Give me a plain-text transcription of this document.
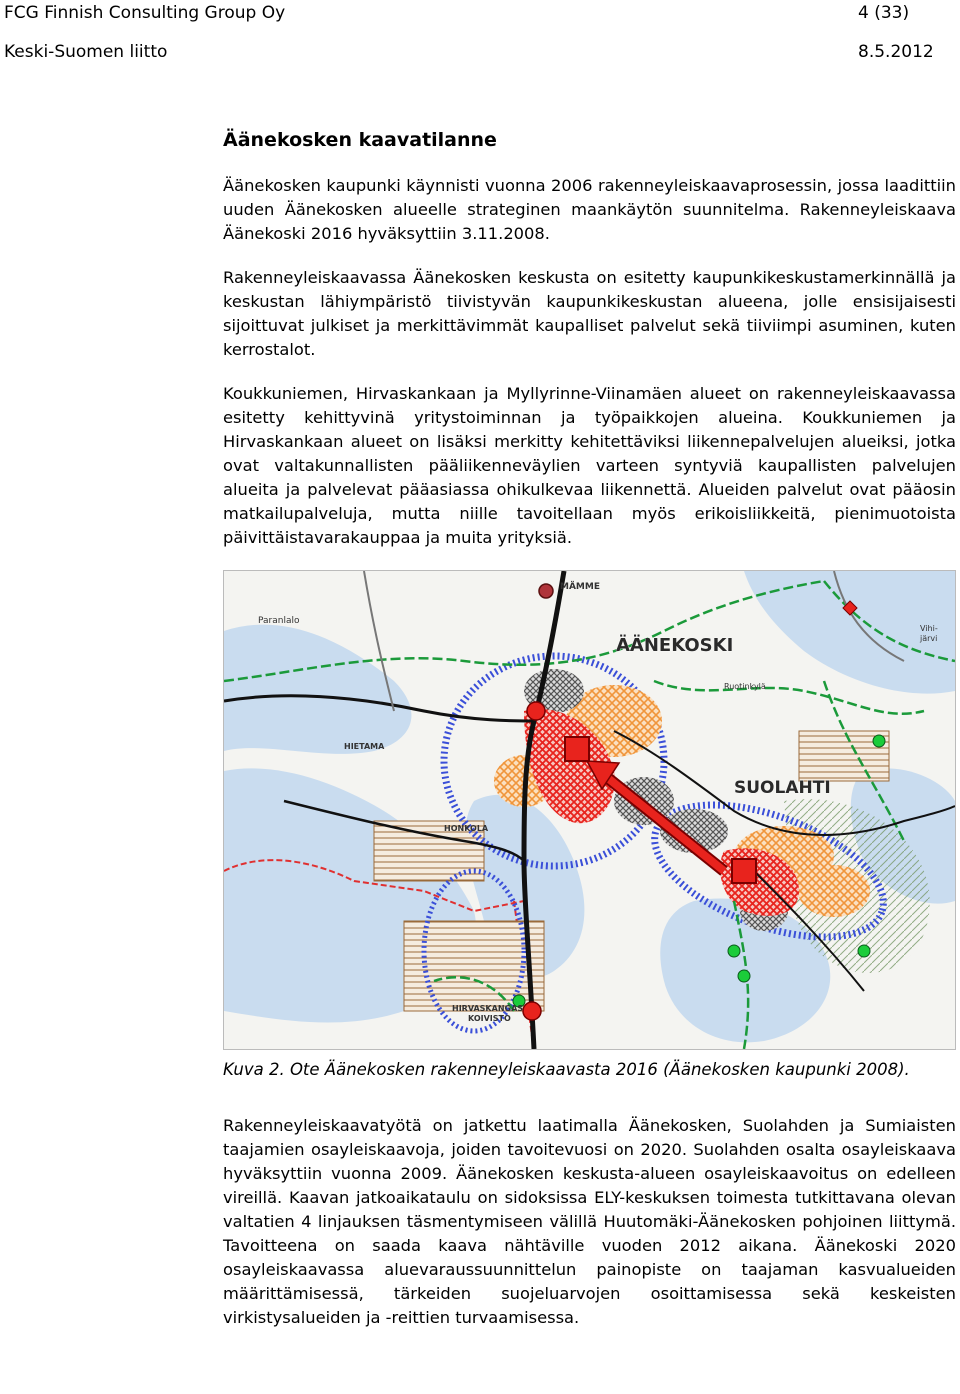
FCG Finnish Consulting Group Oy	4 (33)
Keski-Suomen liitto	8.5.2012
Äänekosken kaavatilanne

Äänekosken kaupunki käynnisti vuonna 2006 rakenneyleiskaavaprosessin, jossa laadittiin uuden Äänekosken alueelle strateginen maankäytön suunnitelma. Rakenneyleiskaava Äänekoski 2016 hyväksyttiin 3.11.2008.

Rakenneyleiskaavassa Äänekosken keskusta on esitetty kaupunkikeskustamerkinnällä ja keskustan lähiympäristö tiivistyvän kaupunkikeskustan alueena, jolle ensisijaisesti sijoittuvat julkiset ja merkittävimmät kaupalliset palvelut sekä tiiviimpi asuminen, kuten kerrostalot.

Koukkuniemen, Hirvaskankaan ja Myllyrinne-Viinamäen alueet on rakenneyleiskaavassa esitetty kehittyvinä yritystoiminnan ja työpaikkojen alueina. Koukkuniemen ja Hirvaskankaan alueet on lisäksi merkitty kehitettäviksi liikennepalvelujen alueiksi, jotka ovat valtakunnallisten pääliikenneväylien varteen syntyviä kaupallisten palvelujen alueita ja palvelevat pääasiassa ohikulkevaa liikennettä. Alueiden palvelut ovat pääosin matkailupalveluja, mutta niille tavoitellaan myös erikoisliikkeitä, pienimuotoista päivittäistavarakauppaa ja muita yrityksiä.

ÄÄNEKOSKI
SUOLAHTI
MÄMME
Paranlalo
HIETAMA
HONKOLA
HIRVASKANGAS
KOIVISTO
Ruotinkylä
Vihi-
järvi
Kuva 2. Ote Äänekosken rakenneyleiskaavasta 2016 (Äänekosken kaupunki 2008).

Rakenneyleiskaavatyötä on jatkettu laatimalla Äänekosken, Suolahden ja Sumiaisten taajamien osayleiskaavoja, joiden tavoitevuosi on 2020. Suolahden osalta osayleiskaava hyväksyttiin vuonna 2009. Äänekosken keskusta-alueen osayleiskaavoitus on edelleen vireillä. Kaavan jatkoaikataulu on sidoksissa ELY-keskuksen toimesta tutkittavana olevan valtatien 4 linjauksen täsmentymiseen välillä Huutomäki-Äänekosken pohjoinen liittymä. Tavoitteena on saada kaava nähtäville vuoden 2012 aikana. Äänekoski 2020 osayleiskaavassa aluevaraussuunnittelun painopiste on taajaman kasvualueiden määrittämisessä, tärkeiden suojeluarvojen osoittamisessa sekä keskeisten virkistysalueiden ja -reittien turvaamisessa.
